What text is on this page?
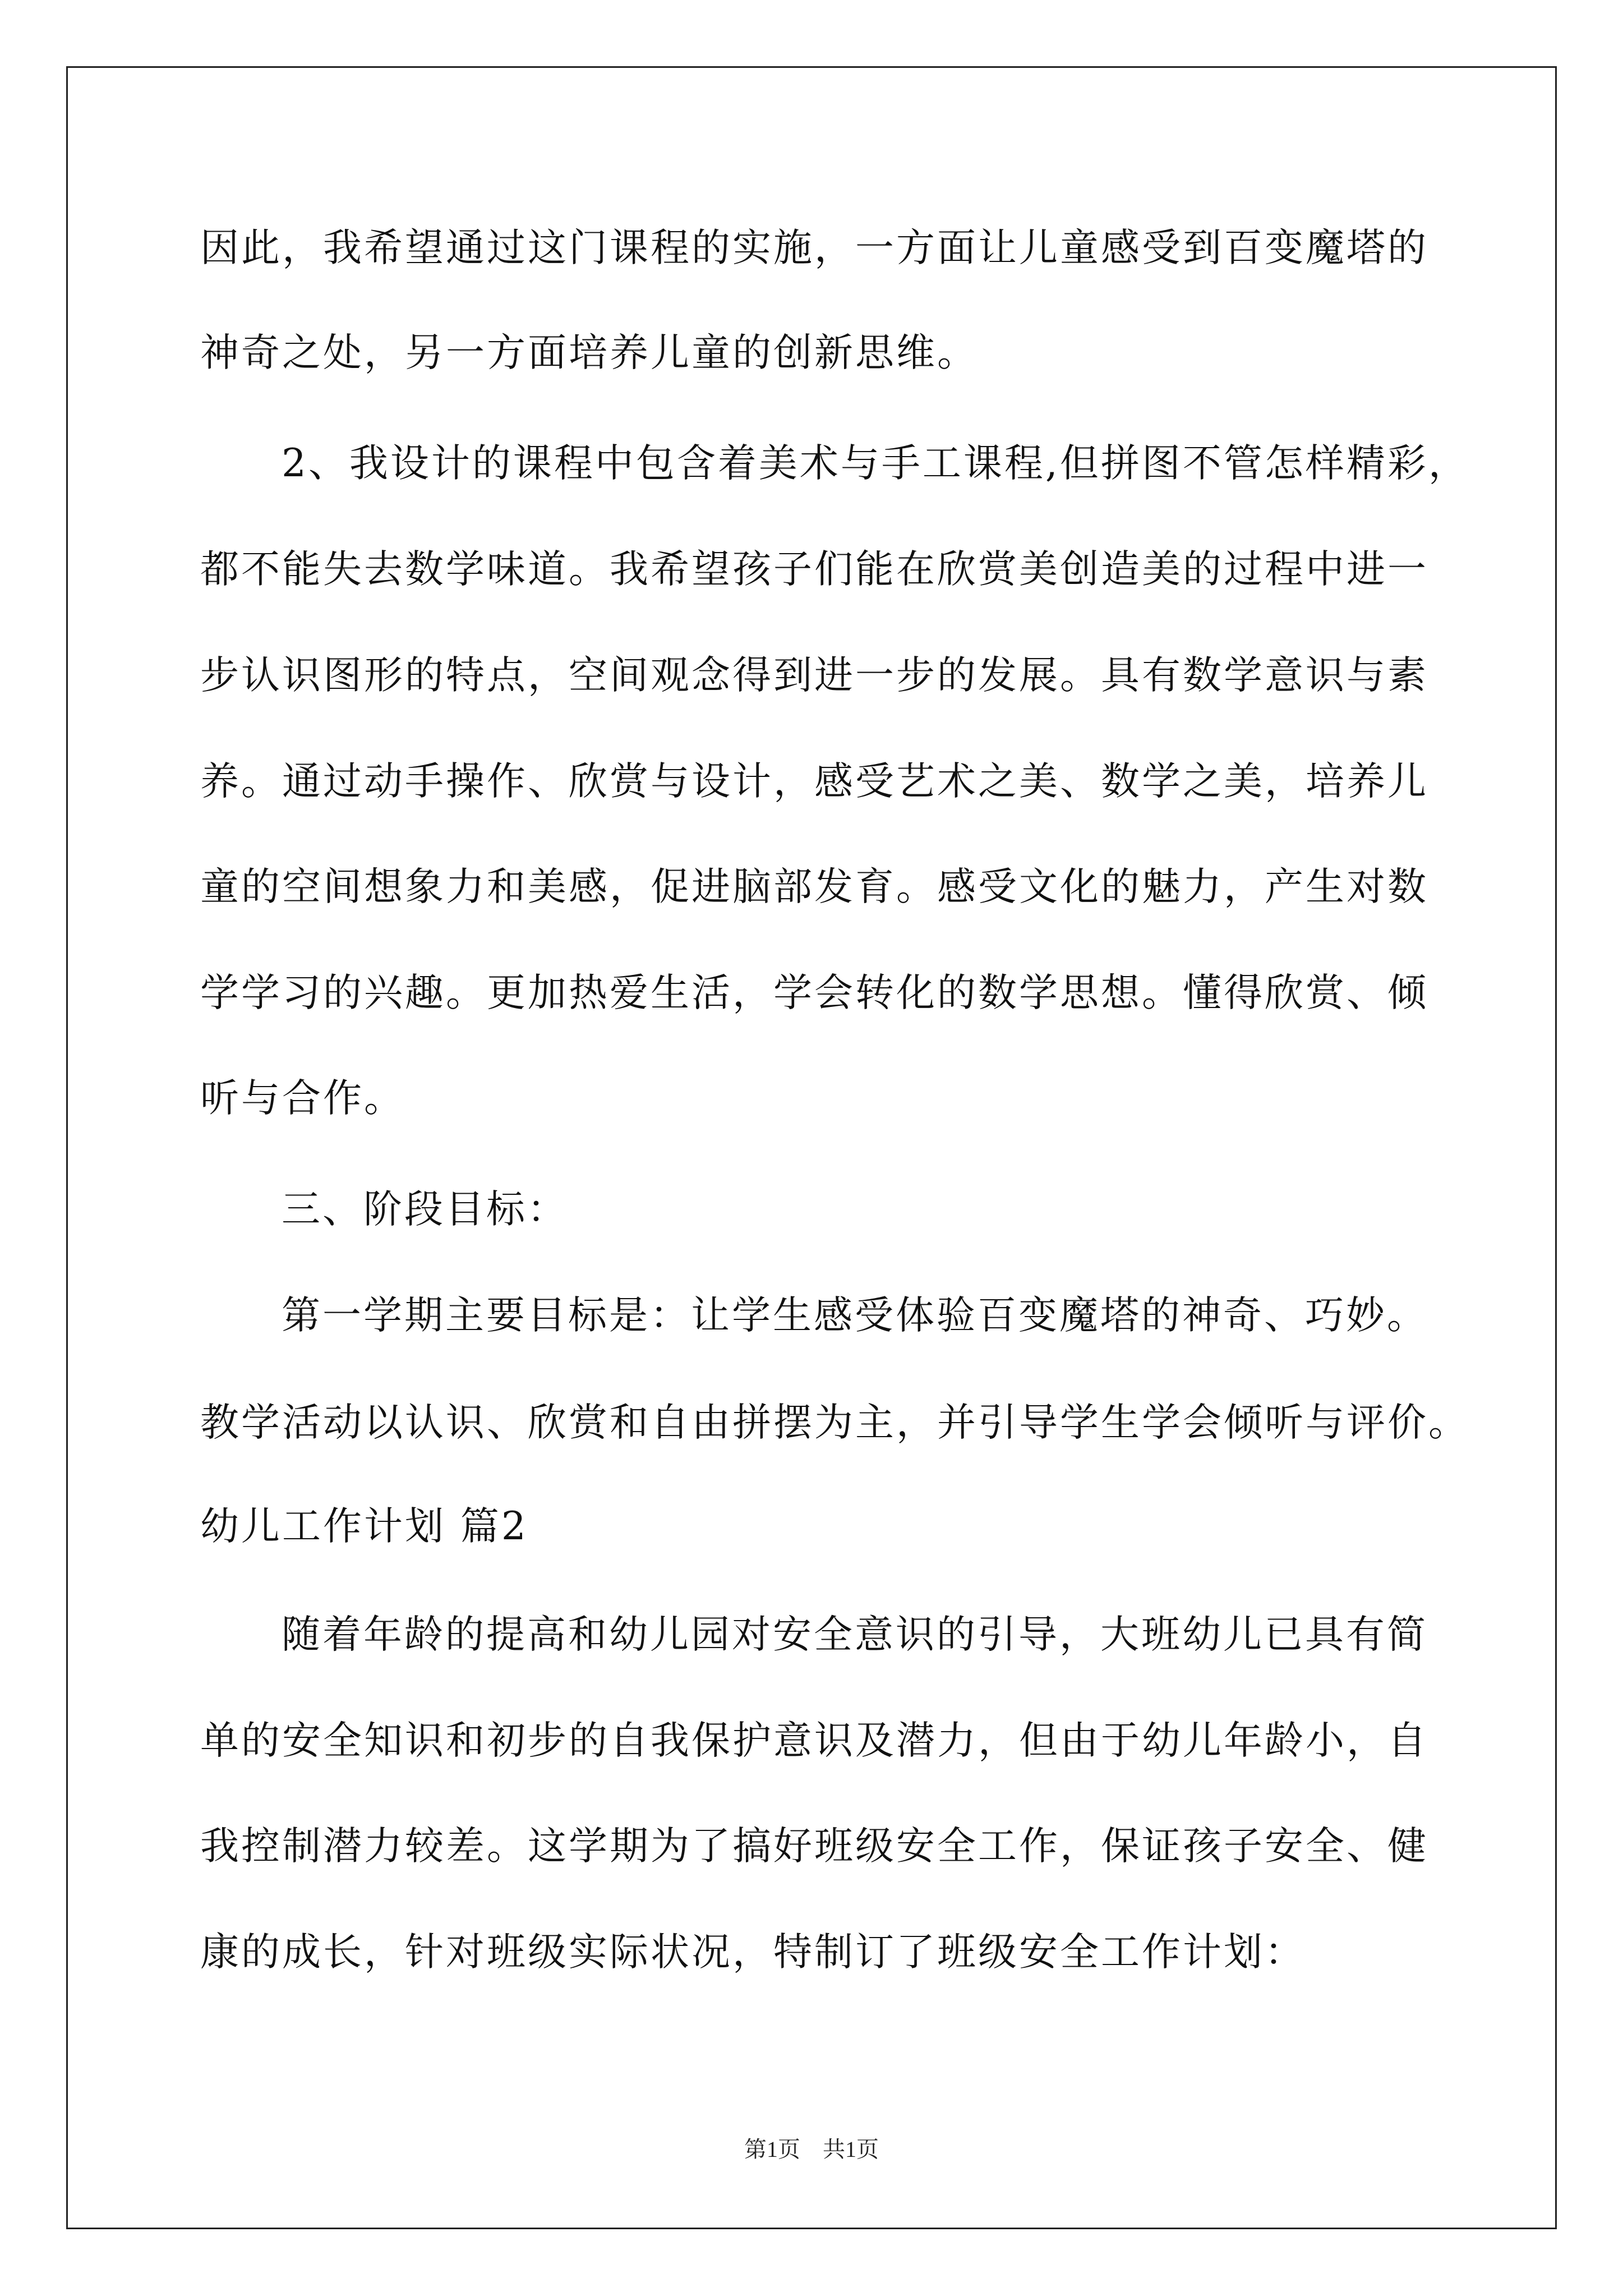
因此，我希望通过这门课程的实施，一方面让儿童感受到百变魔塔的
神奇之处，另一方面培养儿童的创新思维。
2、我设计的课程中包含着美术与手工课程,但拼图不管怎样精彩，
都不能失去数学味道。我希望孩子们能在欣赏美创造美的过程中进一
步认识图形的特点，空间观念得到进一步的发展。具有数学意识与素
养。通过动手操作、欣赏与设计，感受艺术之美、数学之美，培养儿
童的空间想象力和美感，促进脑部发育。感受文化的魅力，产生对数
学学习的兴趣。更加热爱生活，学会转化的数学思想。懂得欣赏、倾
听与合作。
三、阶段目标：
第一学期主要目标是：让学生感受体验百变魔塔的神奇、巧妙。
教学活动以认识、欣赏和自由拼摆为主，并引导学生学会倾听与评价。
幼儿工作计划 篇2
随着年龄的提高和幼儿园对安全意识的引导，大班幼儿已具有简
单的安全知识和初步的自我保护意识及潜力，但由于幼儿年龄小，自
我控制潜力较差。这学期为了搞好班级安全工作，保证孩子安全、健
康的成长，针对班级实际状况，特制订了班级安全工作计划：
第1页　共1页
